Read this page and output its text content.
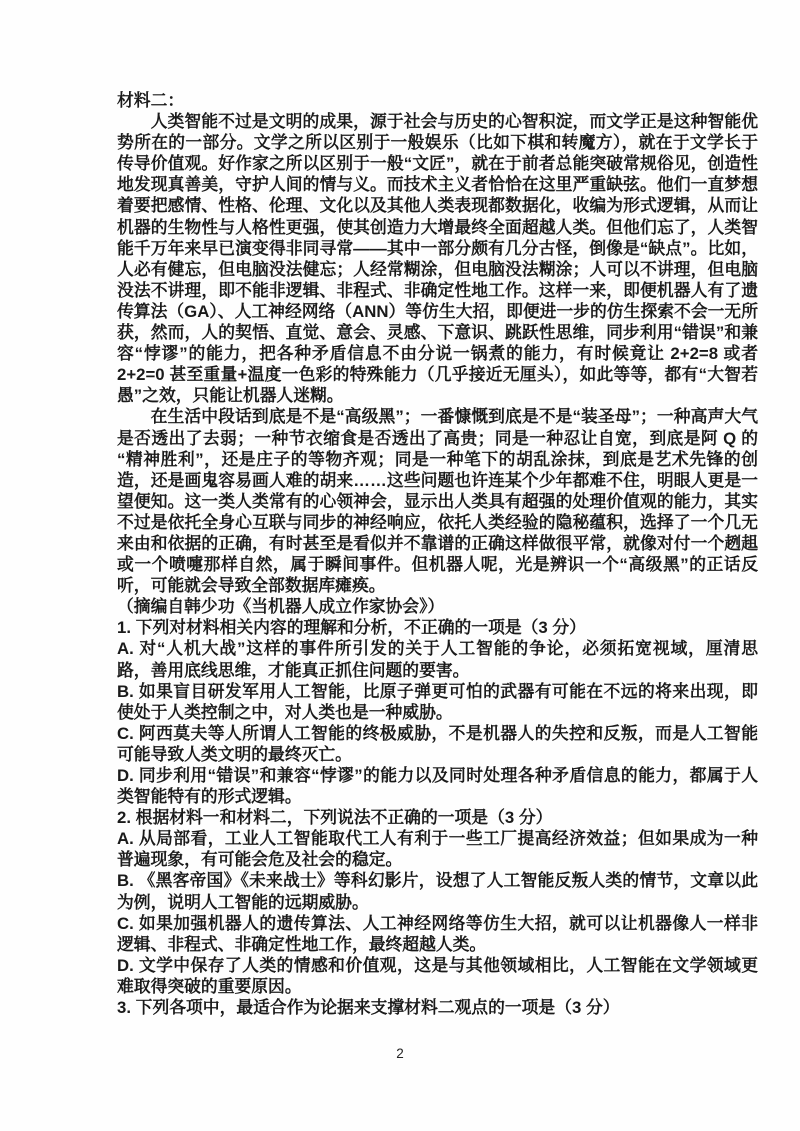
材料二：

人类智能不过是文明的成果，源于社会与历史的心智积淀，而文学正是这种智能优势所在的一部分。文学之所以区别于一般娱乐（比如下棋和转魔方），就在于文学长于传导价值观。好作家之所以区别于一般“文匠”，就在于前者总能突破常规俗见，创造性地发现真善美，守护人间的情与义。而技术主义者恰恰在这里严重缺弦。他们一直梦想着要把感情、性格、伦理、文化以及其他人类表现都数据化，收编为形式逻辑，从而让机器的生物性与人格性更强，使其创造力大增最终全面超越人类。但他们忘了，人类智能千万年来早已演变得非同寻常——其中一部分颇有几分古怪，倒像是“缺点”。比如，人必有健忘，但电脑没法健忘；人经常糊涂，但电脑没法糊涂；人可以不讲理，但电脑没法不讲理，即不能非逻辑、非程式、非确定性地工作。这样一来，即便机器人有了遗传算法（GA）、人工神经网络（ANN）等仿生大招，即便进一步的仿生探索不会一无所获，然而，人的契悟、直觉、意会、灵感、下意识、跳跃性思维，同步利用“错误”和兼容“悖谬”的能力，把各种矛盾信息不由分说一锅煮的能力，有时候竟让 2+2=8 或者 2+2=0 甚至重量+温度一色彩的特殊能力（几乎接近无厘头），如此等等，都有“大智若愚”之效，只能让机器人迷糊。

在生活中段话到底是不是“高级黑”；一番慷慨到底是不是“装圣母”；一种高声大气是否透出了去弱；一种节衣缩食是否透出了高贵；同是一种忍让自宽，到底是阿 Q 的“精神胜利”，还是庄子的等物齐观；同是一种笔下的胡乱涂抹，到底是艺术先锋的创造，还是画鬼容易画人难的胡来……这些问题也许连某个少年都难不住，明眼人更是一望便知。这一类人类常有的心领神会，显示出人类具有超强的处理价值观的能力，其实不过是依托全身心互联与同步的神经响应，依托人类经验的隐秘蕴积，选择了一个几无来由和依据的正确，有时甚至是看似并不靠谱的正确这样做很平常，就像对付一个趔趄或一个喷嚏那样自然，属于瞬间事件。但机器人呢，光是辨识一个“高级黑”的正话反听，可能就会导致全部数据库瘫痪。

（摘编自韩少功《当机器人成立作家协会》）

1. 下列对材料相关内容的理解和分析，不正确的一项是（3 分）

A. 对“人机大战”这样的事件所引发的关于人工智能的争论，必须拓宽视域，厘清思路，善用底线思维，才能真正抓住问题的要害。

B. 如果盲目研发军用人工智能，比原子弹更可怕的武器有可能在不远的将来出现，即使处于人类控制之中，对人类也是一种威胁。

C. 阿西莫夫等人所谓人工智能的终极威胁，不是机器人的失控和反叛，而是人工智能可能导致人类文明的最终灭亡。

D. 同步利用“错误”和兼容“悖谬”的能力以及同时处理各种矛盾信息的能力，都属于人类智能特有的形式逻辑。

2. 根据材料一和材料二，下列说法不正确的一项是（3 分）

A. 从局部看，工业人工智能取代工人有利于一些工厂提高经济效益；但如果成为一种普遍现象，有可能会危及社会的稳定。

B. 《黑客帝国》《未来战士》等科幻影片，设想了人工智能反叛人类的情节，文章以此为例，说明人工智能的远期威胁。

C. 如果加强机器人的遗传算法、人工神经网络等仿生大招，就可以让机器像人一样非逻辑、非程式、非确定性地工作，最终超越人类。

D. 文学中保存了人类的情感和价值观，这是与其他领域相比，人工智能在文学领域更难取得突破的重要原因。

3. 下列各项中，最适合作为论据来支撑材料二观点的一项是（3 分）

2
